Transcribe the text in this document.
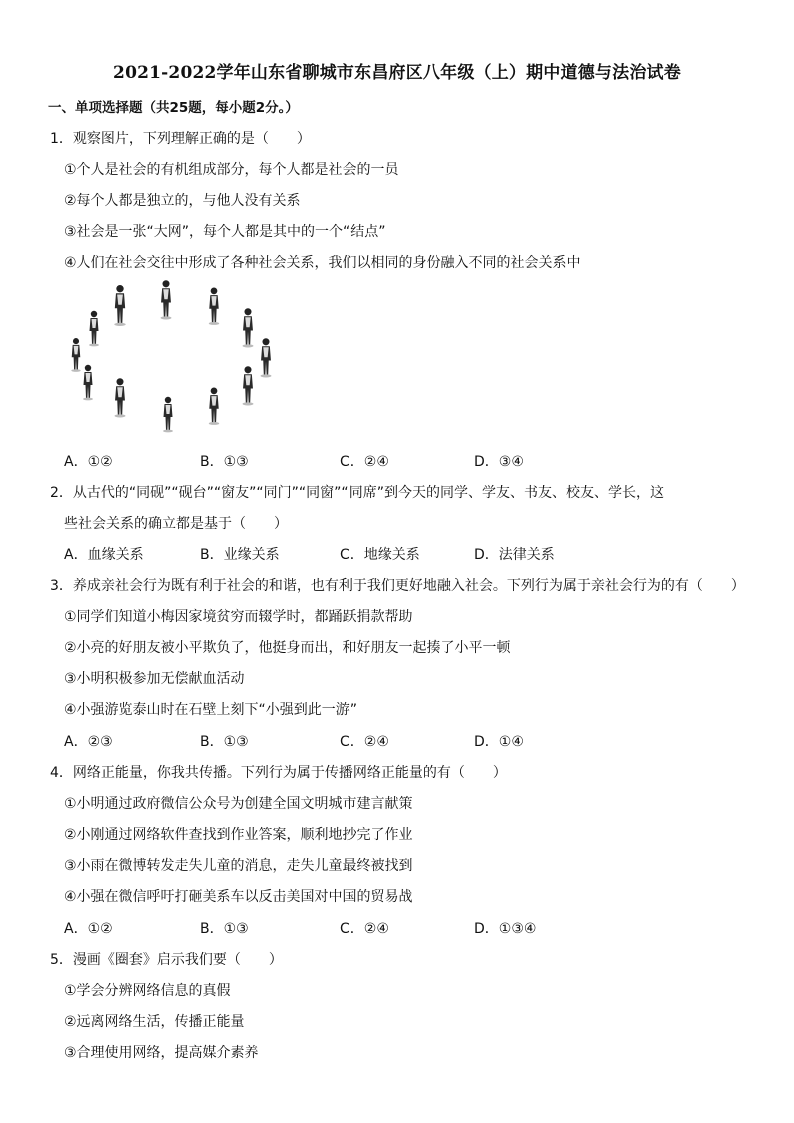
2021-2022学年山东省聊城市东昌府区八年级（上）期中道德与法治试卷
一、单项选择题（共25题，每小题2分。）
1．观察图片，下列理解正确的是（　　）
①个人是社会的有机组成部分，每个人都是社会的一员
②每个人都是独立的，与他人没有关系
③社会是一张“大网”，每个人都是其中的一个“结点”
④人们在社会交往中形成了各种社会关系，我们以相同的身份融入不同的社会关系中
A．①②	B．①③	C．②④	D．③④
2．从古代的“同砚”“砚台”“窗友”“同门”“同窗”“同席”到今天的同学、学友、书友、校友、学长，这
些社会关系的确立都是基于（　　）
A．血缘关系	B．业缘关系	C．地缘关系	D．法律关系
3．养成亲社会行为既有利于社会的和谐，也有利于我们更好地融入社会。下列行为属于亲社会行为的有（　　）
①同学们知道小梅因家境贫穷而辍学时，都踊跃捐款帮助
②小亮的好朋友被小平欺负了，他挺身而出，和好朋友一起揍了小平一顿
③小明积极参加无偿献血活动
④小强游览泰山时在石壁上刻下“小强到此一游”
A．②③	B．①③	C．②④	D．①④
4．网络正能量，你我共传播。下列行为属于传播网络正能量的有（　　）
①小明通过政府微信公众号为创建全国文明城市建言献策
②小刚通过网络软件查找到作业答案，顺利地抄完了作业
③小雨在微博转发走失儿童的消息，走失儿童最终被找到
④小强在微信呼吁打砸美系车以反击美国对中国的贸易战
A．①②	B．①③	C．②④	D．①③④
5．漫画《圈套》启示我们要（　　）
①学会分辨网络信息的真假
②远离网络生活，传播正能量
③合理使用网络，提高媒介素养
